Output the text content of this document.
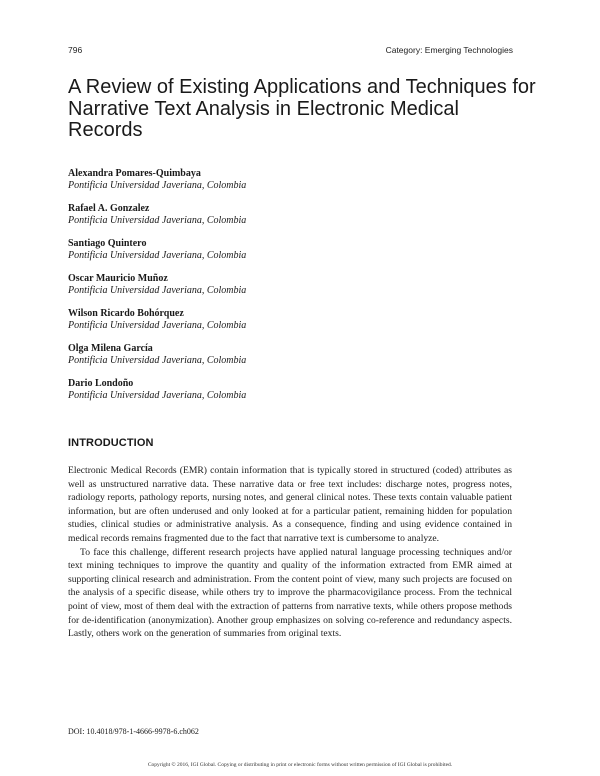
796	Category: Emerging Technologies
A Review of Existing Applications and Techniques for Narrative Text Analysis in Electronic Medical Records
Alexandra Pomares-Quimbaya
Pontificia Universidad Javeriana, Colombia
Rafael A. Gonzalez
Pontificia Universidad Javeriana, Colombia
Santiago Quintero
Pontificia Universidad Javeriana, Colombia
Oscar Mauricio Muñoz
Pontificia Universidad Javeriana, Colombia
Wilson Ricardo Bohórquez
Pontificia Universidad Javeriana, Colombia
Olga Milena García
Pontificia Universidad Javeriana, Colombia
Dario Londoño
Pontificia Universidad Javeriana, Colombia
INTRODUCTION

Electronic Medical Records (EMR) contain information that is typically stored in structured (coded) attributes as well as unstructured narrative data. These narrative data or free text includes: discharge notes, progress notes, radiology reports, pathology reports, nursing notes, and general clinical notes. These texts contain valuable patient information, but are often underused and only looked at for a particular patient, remaining hidden for population studies, clinical studies or administrative analysis. As a consequence, finding and using evidence contained in medical records remains fragmented due to the fact that narrative text is cumbersome to analyze.

To face this challenge, different research projects have applied natural language processing techniques and/or text mining techniques to improve the quantity and quality of the information extracted from EMR aimed at supporting clinical research and administration. From the content point of view, many such projects are focused on the analysis of a specific disease, while others try to improve the pharmacovigilance process. From the technical point of view, most of them deal with the extraction of patterns from narrative texts, while others propose methods for de-identification (anonymization). Another group emphasizes on solving co-reference and redundancy aspects. Lastly, others work on the generation of summaries from original texts.

DOI: 10.4018/978-1-4666-9978-6.ch062
Copyright © 2016, IGI Global. Copying or distributing in print or electronic forms without written permission of IGI Global is prohibited.
